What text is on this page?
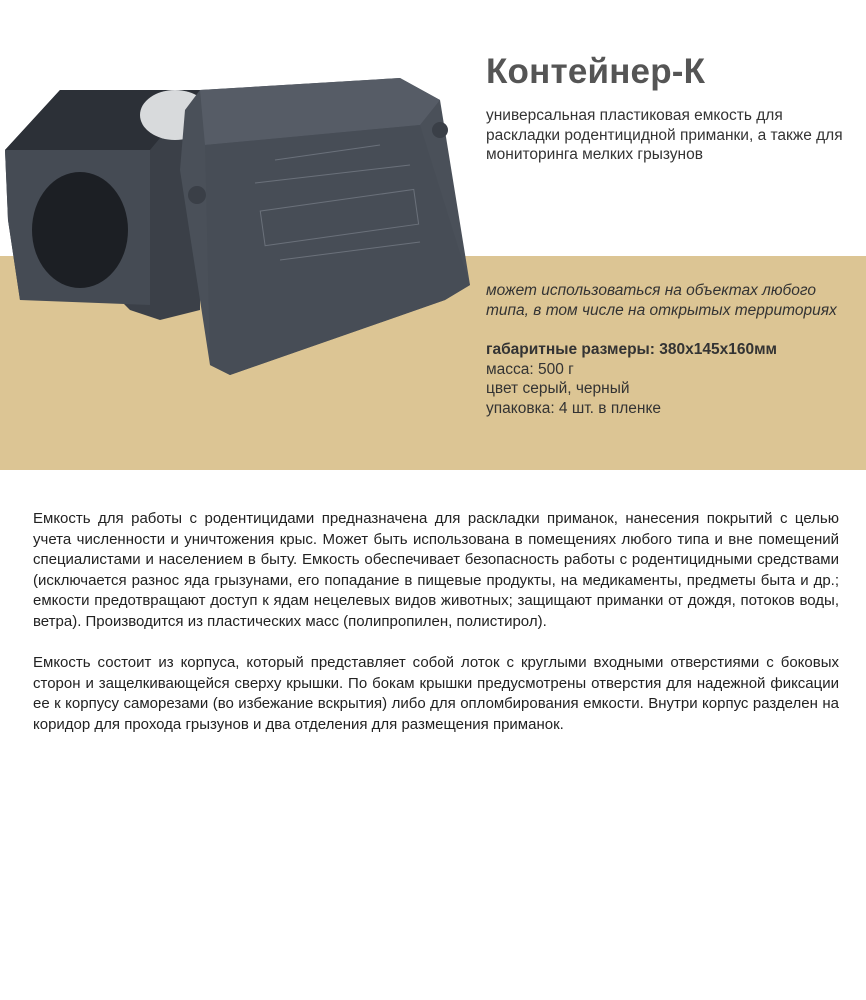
Контейнер-К
универсальная пластиковая емкость для раскладки родентицидной приманки, а также для мониторинга мелких грызунов
может использоваться на объектах любого типа, в том числе на открытых территориях
габаритные размеры: 380х145х160мм
масса: 500 г
цвет серый, черный
упаковка: 4 шт. в пленке

Емкость для работы с родентицидами предназначена для раскладки приманок, нанесения покрытий с целью учета численности и уничтожения крыс. Может быть использована в помещениях любого типа и вне помещений специалистами и населением в быту. Емкость обеспечивает безопасность работы с родентицидными средствами (исключается разнос яда грызунами, его попадание в пищевые продукты, на медикаменты, предметы быта и др.; емкости предотвращают доступ к ядам нецелевых видов животных; защищают приманки от дождя, потоков воды, ветра). Производится из пластических масс (полипропилен, полистирол).

Емкость состоит из корпуса, который представляет собой лоток с круглыми входными отверстиями с боковых сторон и защелкивающейся сверху крышки. По бокам крышки предусмотрены отверстия для надежной фиксации ее к корпусу саморезами (во избежание вскрытия) либо для опломбирования емкости. Внутри корпус разделен на коридор для прохода грызунов и два отделения для размещения приманок.
